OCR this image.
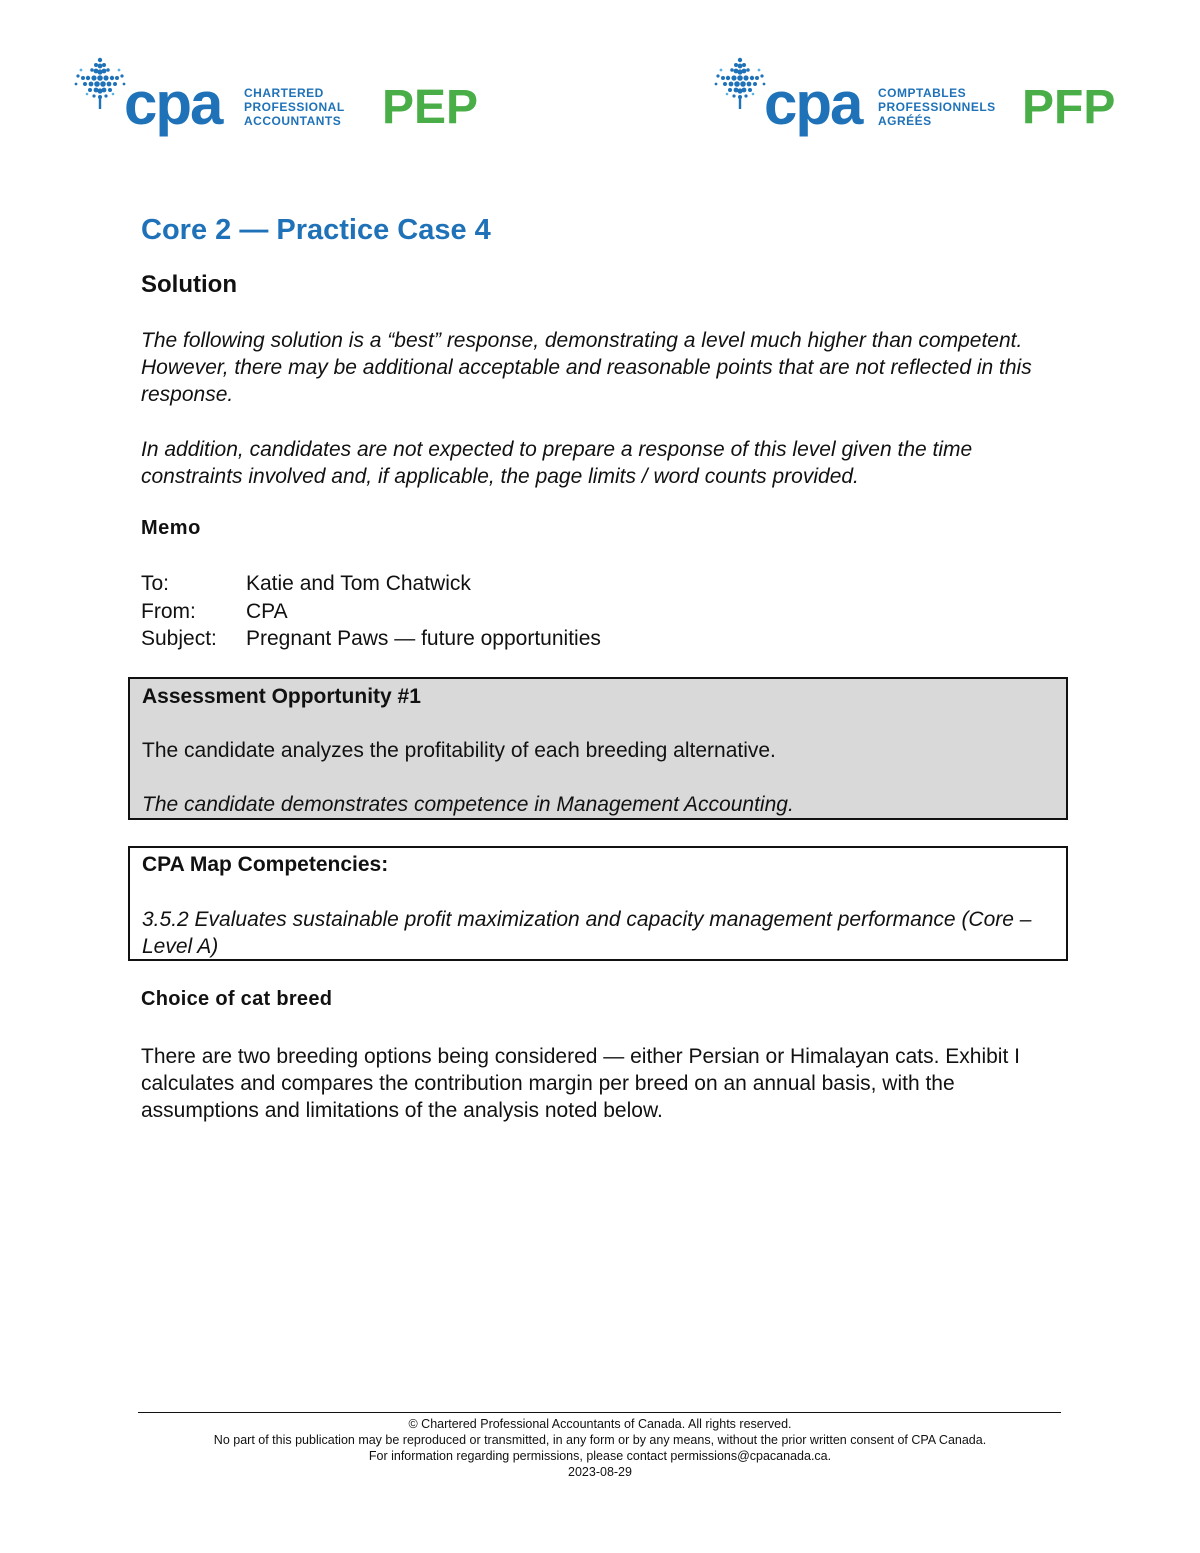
cpa CHARTERED
PROFESSIONAL
ACCOUNTANTS PEP	cpa COMPTABLES
PROFESSIONNELS
AGRÉÉS	PFP
Core 2 — Practice Case 4
Solution

The following solution is a “best” response, demonstrating a level much higher than competent. However, there may be additional acceptable and reasonable points that are not reflected in this response.

In addition, candidates are not expected to prepare a response of this level given the time constraints involved and, if applicable, the page limits / word counts provided.

Memo
To:	Katie and Tom Chatwick
From: CPA
Subject: Pregnant Paws — future opportunities
Assessment Opportunity #1
The candidate analyzes the profitability of each breeding alternative.
The candidate demonstrates competence in Management Accounting.
CPA Map Competencies:
3.5.2 Evaluates sustainable profit maximization and capacity management performance (Core – Level A)
Choice of cat breed

There are two breeding options being considered — either Persian or Himalayan cats. Exhibit I calculates and compares the contribution margin per breed on an annual basis, with the assumptions and limitations of the analysis noted below.

© Chartered Professional Accountants of Canada. All rights reserved.
No part of this publication may be reproduced or transmitted, in any form or by any means, without the prior written consent of CPA Canada.
For information regarding permissions, please contact permissions@cpacanada.ca.
2023-08-29
